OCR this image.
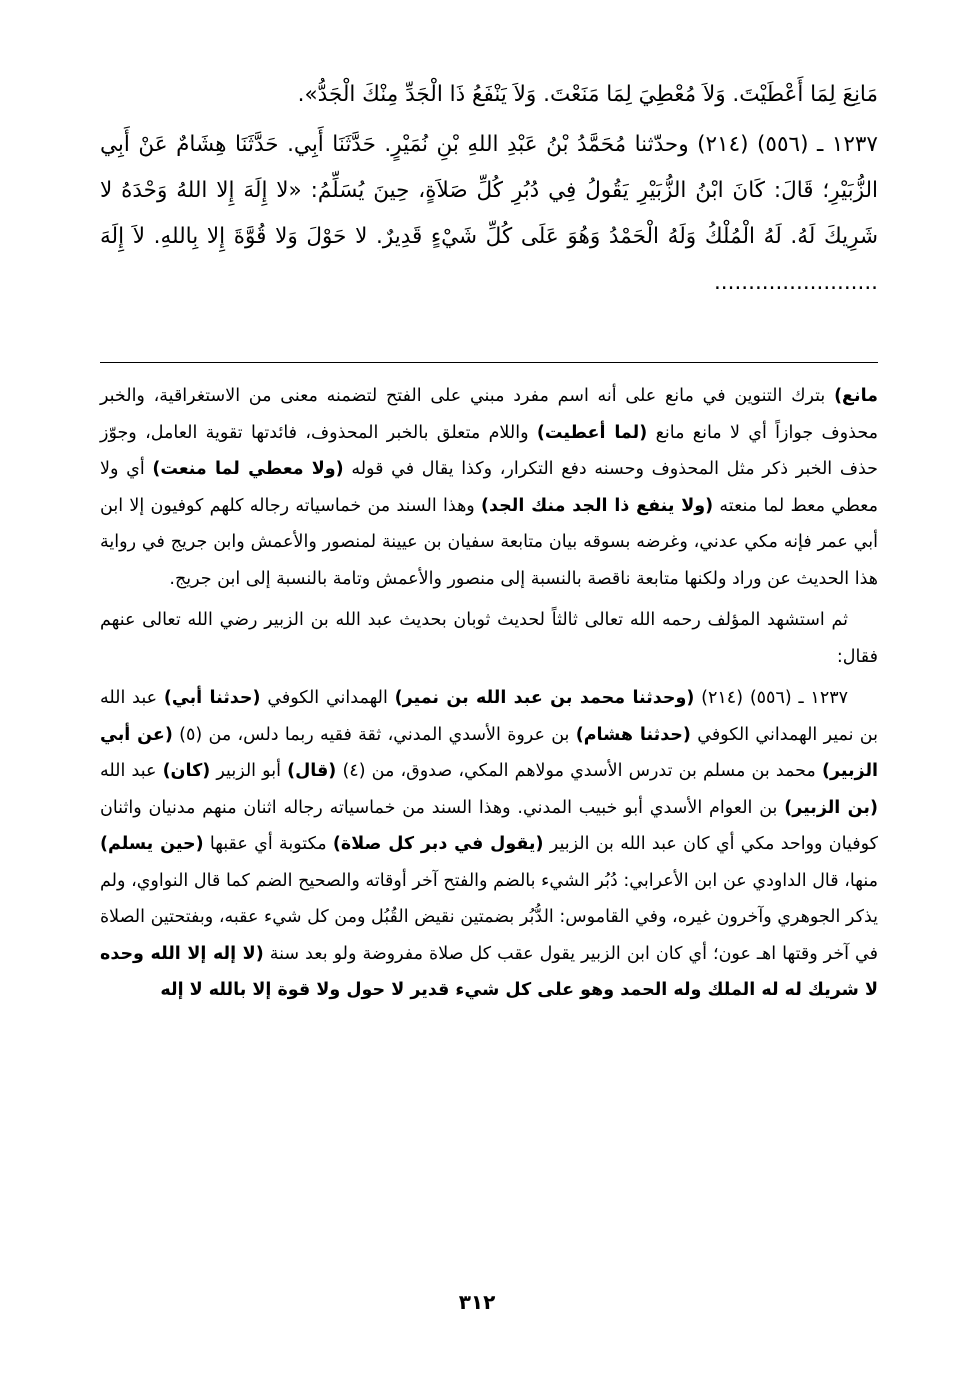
مَانِعَ لِمَا أَعْطَيْتَ. وَلاَ مُعْطِيَ لِمَا مَنَعْتَ. وَلاَ يَنْفَعُ ذَا الْجَدِّ مِنْكَ الْجَدُّ».

١٢٣٧ ـ (٥٥٦) (٢١٤) وحدّثنا مُحَمَّدُ بْنُ عَبْدِ اللهِ بْنِ نُمَيْرٍ. حَدَّثَنَا أَبِي. حَدَّثَنَا هِشَامٌ عَنْ أَبِي الزُّبَيْرِ؛ قَالَ: كَانَ ابْنُ الزُّبَيْرِ يَقُولُ فِي دُبُرِ كُلِّ صَلاَةٍ، حِينَ يُسَلِّمُ: «لا إِلَهَ إِلا اللهُ وَحْدَهُ لا شَرِيكَ لَهُ. لَهُ الْمُلْكُ وَلَهُ الْحَمْدُ وَهُوَ عَلَى كُلِّ شَيْءٍ قَدِيرٌ. لا حَوْلَ وَلا قُوَّةَ إِلا بِاللهِ. لاَ إِلَهَ ........................

مانع) بترك التنوين في مانع على أنه اسم مفرد مبني على الفتح لتضمنه معنى من الاستغراقية، والخبر محذوف جوازاً أي لا مانع مانع (لما أعطيت) واللام متعلق بالخبر المحذوف، فائدتها تقوية العامل، وجوّز حذف الخبر ذكر مثل المحذوف وحسنه دفع التكرار، وكذا يقال في قوله (ولا معطي لما منعت) أي ولا معطي معط لما منعته (ولا ينفع ذا الجد منك الجد) وهذا السند من خماسياته رجاله كلهم كوفيون إلا ابن أبي عمر فإنه مكي عدني، وغرضه بسوقه بيان متابعة سفيان بن عيينة لمنصور والأعمش وابن جريج في رواية هذا الحديث عن وراد ولكنها متابعة ناقصة بالنسبة إلى منصور والأعمش وتامة بالنسبة إلى ابن جريج.

ثم استشهد المؤلف رحمه الله تعالى ثالثاً لحديث ثوبان بحديث عبد الله بن الزبير رضي الله تعالى عنهم فقال:

١٢٣٧ ـ (٥٥٦) (٢١٤) (وحدثنا محمد بن عبد الله بن نمير) الهمداني الكوفي (حدثنا أبي) عبد الله بن نمير الهمداني الكوفي (حدثنا هشام) بن عروة الأسدي المدني، ثقة فقيه ربما دلس، من (٥) (عن أبي الزبير) محمد بن مسلم بن تدرس الأسدي مولاهم المكي، صدوق، من (٤) (قال) أبو الزبير (كان) عبد الله (بن الزبير) بن العوام الأسدي أبو خبيب المدني. وهذا السند من خماسياته رجاله اثنان منهم مدنيان واثنان كوفيان وواحد مكي أي كان عبد الله بن الزبير (يقول في دبر كل صلاة) مكتوبة أي عقبها (حين يسلم) منها، قال الداودي عن ابن الأعرابي: دُبُر الشيء بالضم والفتح آخر أوقاته والصحيح الضم كما قال النواوي، ولم يذكر الجوهري وآخرون غيره، وفي القاموس: الدُّبُر بضمتين نقيض القُبُل ومن كل شيء عقبه، وبفتحتين الصلاة في آخر وقتها اهـ عون؛ أي كان ابن الزبير يقول عقب كل صلاة مفروضة ولو بعد سنة (لا إله إلا الله وحده لا شريك له له الملك وله الحمد وهو على كل شيء قدير لا حول ولا قوة إلا بالله لا إله

٣١٢
